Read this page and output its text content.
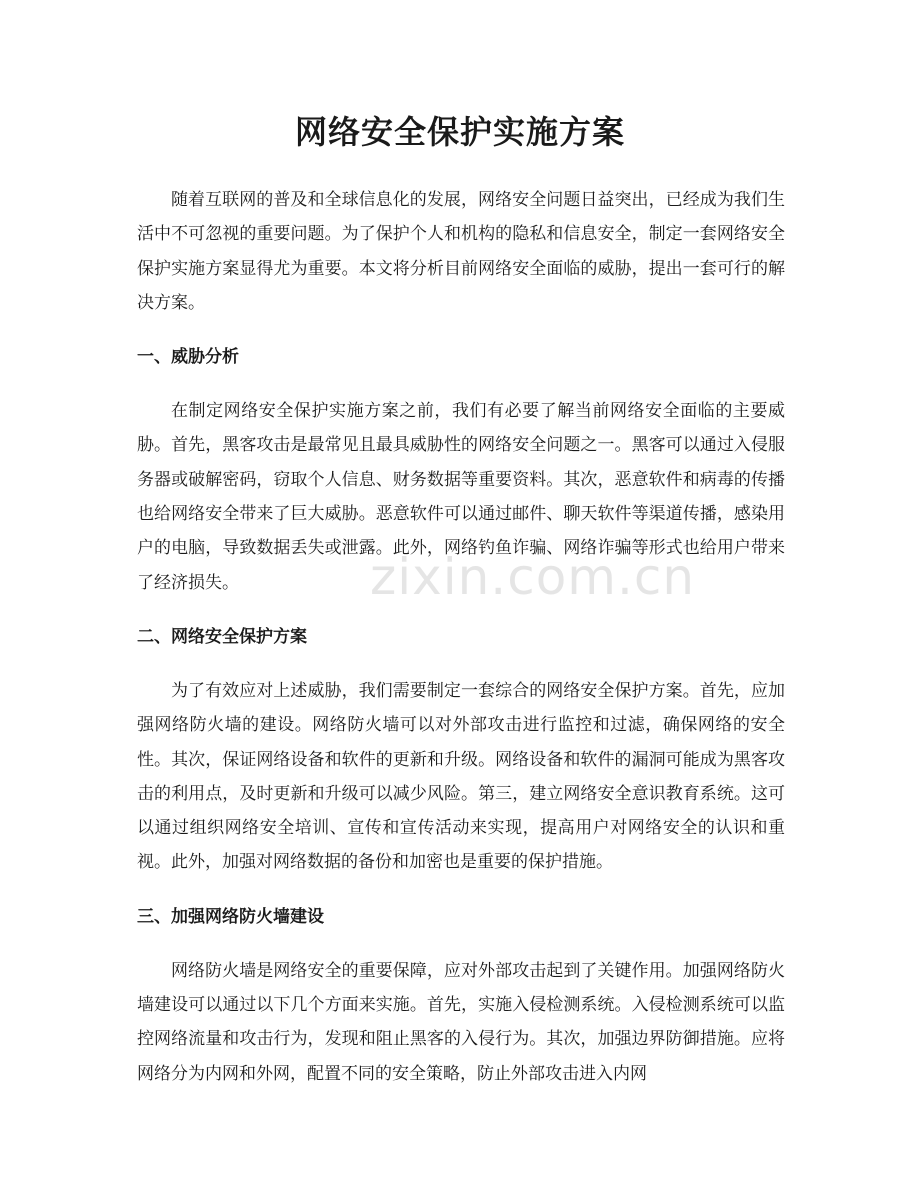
网络安全保护实施方案

随着互联网的普及和全球信息化的发展，网络安全问题日益突出，已经成为我们生活中不可忽视的重要问题。为了保护个人和机构的隐私和信息安全，制定一套网络安全保护实施方案显得尤为重要。本文将分析目前网络安全面临的威胁，提出一套可行的解决方案。

一、威胁分析

在制定网络安全保护实施方案之前，我们有必要了解当前网络安全面临的主要威胁。首先，黑客攻击是最常见且最具威胁性的网络安全问题之一。黑客可以通过入侵服务器或破解密码，窃取个人信息、财务数据等重要资料。其次，恶意软件和病毒的传播也给网络安全带来了巨大威胁。恶意软件可以通过邮件、聊天软件等渠道传播，感染用户的电脑，导致数据丢失或泄露。此外，网络钓鱼诈骗、网络诈骗等形式也给用户带来了经济损失。

二、网络安全保护方案

为了有效应对上述威胁，我们需要制定一套综合的网络安全保护方案。首先，应加强网络防火墙的建设。网络防火墙可以对外部攻击进行监控和过滤，确保网络的安全性。其次，保证网络设备和软件的更新和升级。网络设备和软件的漏洞可能成为黑客攻击的利用点，及时更新和升级可以减少风险。第三，建立网络安全意识教育系统。这可以通过组织网络安全培训、宣传和宣传活动来实现，提高用户对网络安全的认识和重视。此外，加强对网络数据的备份和加密也是重要的保护措施。

三、加强网络防火墙建设

网络防火墙是网络安全的重要保障，应对外部攻击起到了关键作用。加强网络防火墙建设可以通过以下几个方面来实施。首先，实施入侵检测系统。入侵检测系统可以监控网络流量和攻击行为，发现和阻止黑客的入侵行为。其次，加强边界防御措施。应将网络分为内网和外网，配置不同的安全策略，防止外部攻击进入内网

zixin.com.cn
